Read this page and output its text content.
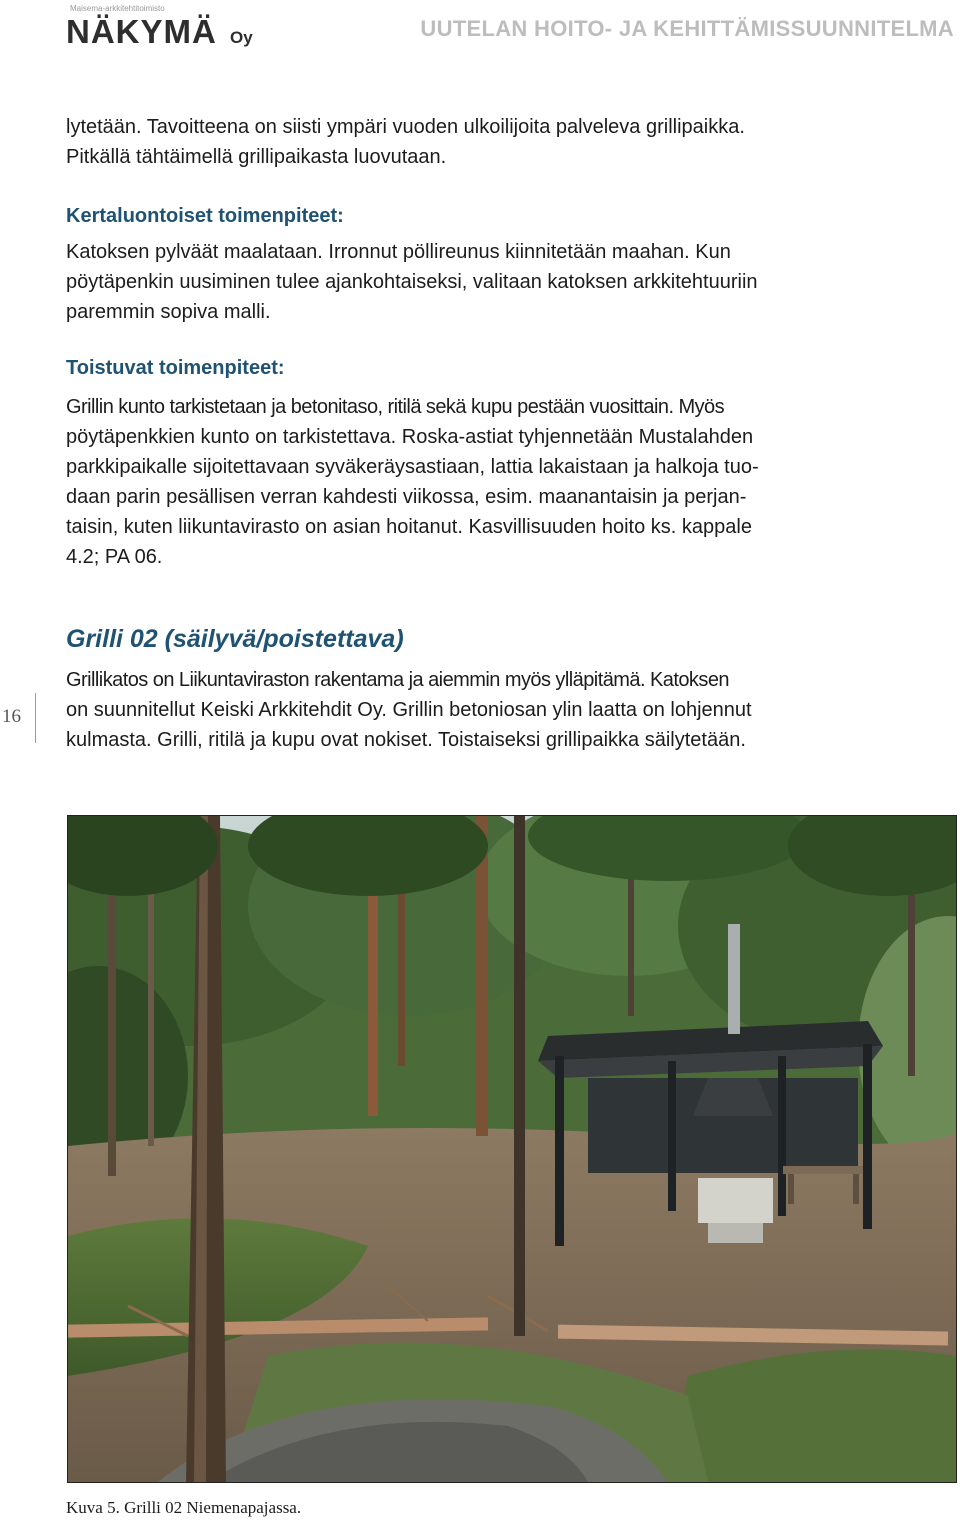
Maisema-arkkitehtitoimisto
NÄKYMÄ Oy	UUTELAN HOITO- JA KEHITTÄMISSUUNNITELMA
lytetään. Tavoitteena on siisti ympäri vuoden ulkoilijoita palveleva grillipaikka.
Pitkällä tähtäimellä grillipaikasta luovutaan.
Kertaluontoiset toimenpiteet:
Katoksen pylväät maalataan. Irronnut pöllireunus kiinnitetään maahan. Kun
pöytäpenkin uusiminen tulee ajankohtaiseksi, valitaan katoksen arkkitehtuuriin
paremmin sopiva malli.
Toistuvat toimenpiteet:
Grillin kunto tarkistetaan ja betonitaso, ritilä sekä kupu pestään vuosittain. Myös
pöytäpenkkien kunto on tarkistettava. Roska-astiat tyhjennetään Mustalahden
parkkipaikalle sijoitettavaan syväkeräysastiaan, lattia lakaistaan ja halkoja tuo-
daan parin pesällisen verran kahdesti viikossa, esim. maanantaisin ja perjan-
taisin, kuten liikuntavirasto on asian hoitanut. Kasvillisuuden hoito ks. kappale
4.2; PA 06.
Grilli 02 (säilyvä/poistettava)
Grillikatos on Liikuntaviraston rakentama ja aiemmin myös ylläpitämä. Katoksen
on suunnitellut Keiski Arkkitehdit Oy. Grillin betoniosan ylin laatta on lohjennut
kulmasta. Grilli, ritilä ja kupu ovat nokiset. Toistaiseksi grillipaikka säilytetään.
16
Kuva 5. Grilli 02 Niemenapajassa.
